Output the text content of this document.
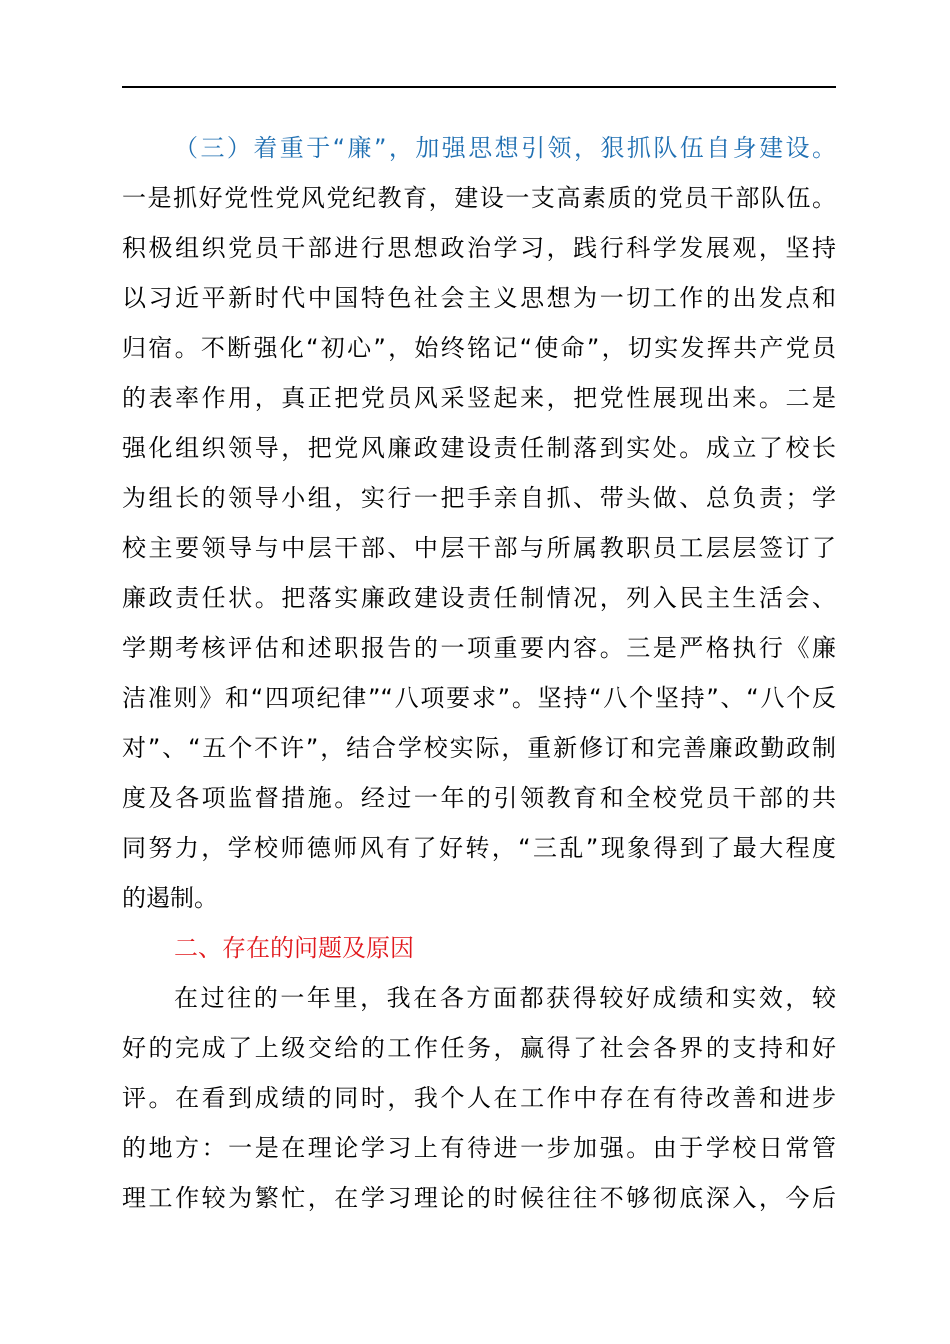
（三）着重于“廉”，加强思想引领，狠抓队伍自身建设。
一是抓好党性党风党纪教育，建设一支高素质的党员干部队伍。
积极组织党员干部进行思想政治学习，践行科学发展观，坚持
以习近平新时代中国特色社会主义思想为一切工作的出发点和
归宿。不断强化“初心”，始终铭记“使命”，切实发挥共产党员
的表率作用，真正把党员风采竖起来，把党性展现出来。二是
强化组织领导，把党风廉政建设责任制落到实处。成立了校长
为组长的领导小组，实行一把手亲自抓、带头做、总负责；学
校主要领导与中层干部、中层干部与所属教职员工层层签订了
廉政责任状。把落实廉政建设责任制情况，列入民主生活会、
学期考核评估和述职报告的一项重要内容。三是严格执行《廉
洁准则》和“四项纪律”“八项要求”。坚持“八个坚持”、“八个反
对”、“五个不许”，结合学校实际，重新修订和完善廉政勤政制
度及各项监督措施。经过一年的引领教育和全校党员干部的共
同努力，学校师德师风有了好转，“三乱”现象得到了最大程度
的遏制。
二、存在的问题及原因
在过往的一年里，我在各方面都获得较好成绩和实效，较
好的完成了上级交给的工作任务，赢得了社会各界的支持和好
评。在看到成绩的同时，我个人在工作中存在有待改善和进步
的地方：一是在理论学习上有待进一步加强。由于学校日常管
理工作较为繁忙，在学习理论的时候往往不够彻底深入，今后
